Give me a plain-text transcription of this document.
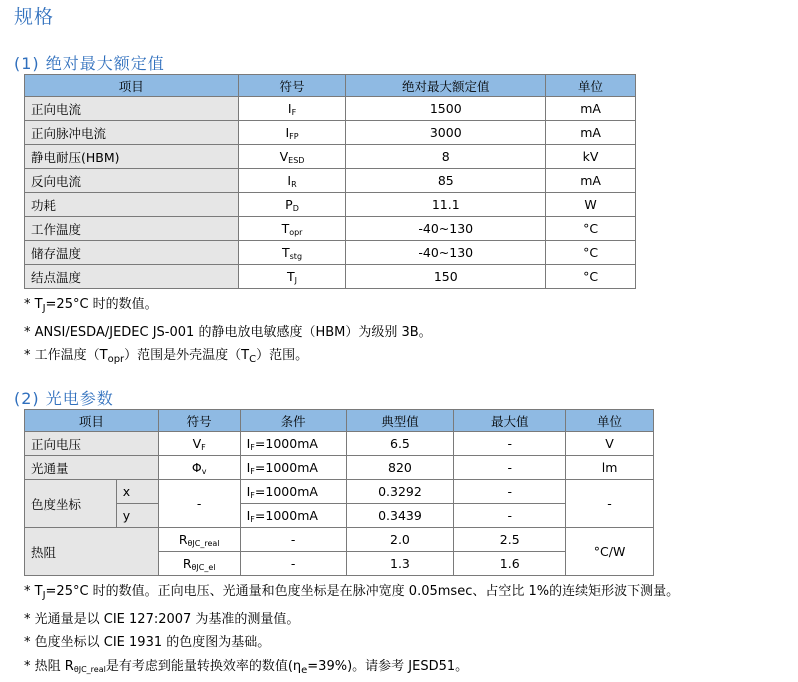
规格
(1) 绝对最大额定值
项目	符号	绝对最大额定值	单位
正向电流	$I_F$	1500	mA
正向脉冲电流	$I_{FP}$	3000	mA
静电耐压(HBM)	$V_{ESD}$	8	kV
反向电流	$I_R$	85	mA
功耗	$P_D$	11.1	W
工作温度	$T_{opr}$	-40~130	°C
储存温度	$T_{stg}$	-40~130	°C
结点温度	$T_J$	150	°C
* $T_J=25^\circ C$ 时的数值。
* ANSI/ESDA/JEDEC JS-001 的静电放电敏感度（HBM）为级别 3B。
* 工作温度$(T_{opr})$范围是外壳温度$(T_C)$范围。
(2) 光电参数
项目		符号	条件	典型值	最大值	单位
正向电压		$V_F$	$I_F=1000mA$	6.5	-	V
光通量		$\Phi_v$	$I_F=1000mA$	820	-	lm
色度坐标	x	-	$I_F=1000mA$	0.3292	-	-
	y		$I_F=1000mA$	0.3439	-	
热阻		$R_{\theta JC\_real}$	-	2.0	2.5	°C/W
		$R_{\theta JC\_el}$	-	1.3	1.6	
* $T_J=25^\circ C$ 时的数值。正向电压、光通量和色度坐标是在脉冲宽度 0.05msec、占空比 1%的连续矩形波下测量。
* 光通量是以 CIE 127:2007 为基准的测量值。
* 色度坐标以 CIE 1931 的色度图为基础。
* 热阻 $R_{\theta JC\_real}$是有考虑到能量转换效率的数值$(\eta_e=39\%)$。请参考 JESD51。
